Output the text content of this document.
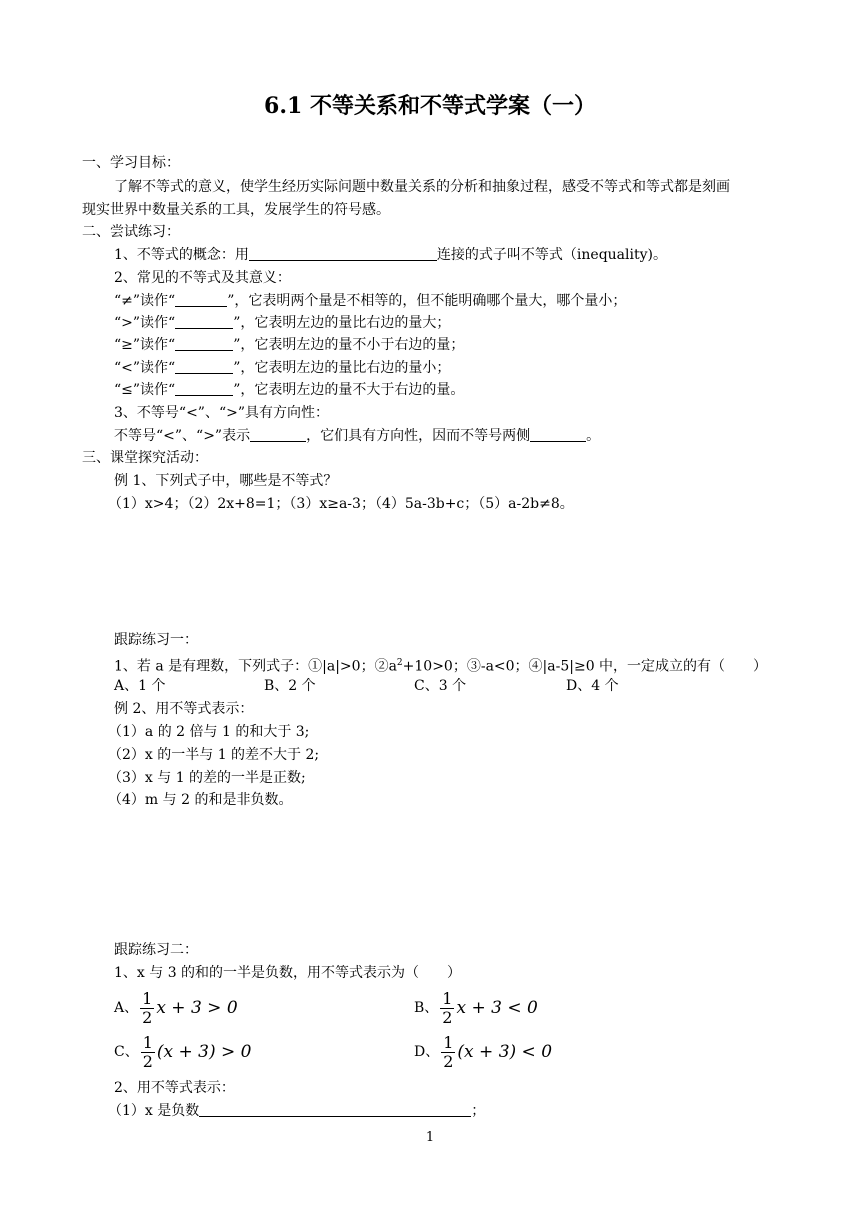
6.1 不等关系和不等式学案（一）
一、学习目标：
了解不等式的意义，使学生经历实际问题中数量关系的分析和抽象过程，感受不等式和等式都是刻画
现实世界中数量关系的工具，发展学生的符号感。
二、尝试练习：
1、不等式的概念：用	连接的式子叫不等式（inequality)。
2、常见的不等式及其意义：
“≠”读作“	”，它表明两个量是不相等的，但不能明确哪个量大，哪个量小；
“>”读作“	”，它表明左边的量比右边的量大；
“≥”读作“	”，它表明左边的量不小于右边的量；
“<”读作“	”，它表明左边的量比右边的量小；
“≤”读作“	”，它表明左边的量不大于右边的量。
3、不等号“<”、“>”具有方向性：
不等号“<”、“>”表示	，它们具有方向性，因而不等号两侧	。
三、课堂探究活动：
例 1、下列式子中，哪些是不等式？
（1）x>4；（2）2x+8=1；（3）x≥a-3；（4）5a-3b+c；（5）a-2b≠8。
跟踪练习一：
1、若 a 是有理数，下列式子：①|a|>0；$②a^2+10>0$；③-a<0；④|a-5|≥0 中，一定成立的有（　　）
A、1 个	B、2 个	C、3 个	D、4 个
例 2、用不等式表示：
（1）a 的 2 倍与 1 的和大于 3;
（2）x 的一半与 1 的差不大于 2;
（3）x 与 1 的差的一半是正数;
（4）m 与 2 的和是非负数。
跟踪练习二：
1、x 与 3 的和的一半是负数，用不等式表示为（　　）
A、 $\frac{1}{2}$ x + 3 > 0	B、 $\frac{1}{2}$ x + 3 < 0
C、 $\frac{1}{2} (x + 3) > 0$	D、 $\frac{1}{2} (x + 3) < 0$
2、用不等式表示：
（1）x 是负数	；
1
